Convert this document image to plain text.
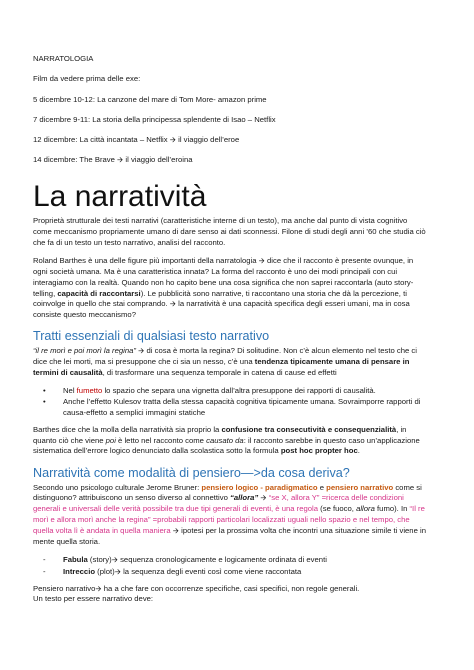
NARRATOLOGIA

Film da vedere prima delle exe:

5 dicembre 10-12: La canzone del mare di Tom More- amazon prime

7 dicembre 9-11: La storia della principessa splendente di Isao – Netflix

12 dicembre: La città incantata – Netflix 🡪 il viaggio dell’eroe

14 dicembre: The Brave 🡪 il viaggio dell’eroina

La narratività

Proprietà strutturale dei testi narrativi (caratteristiche interne di un testo), ma anche dal punto di vista cognitivo come meccanismo propriamente umano di dare senso ai dati sconnessi. Filone di studi degli anni ’60 che studia ciò che fa di un testo un testo narrativo, analisi del racconto.

Roland Barthes è una delle figure più importanti della narratologia 🡪 dice che il racconto è presente ovunque, in ogni società umana. Ma è una caratteristica innata? La forma del racconto è uno dei modi principali con cui interagiamo con la realtà. Quando non ho capito bene una cosa significa che non saprei raccontarla (auto story-telling, capacità di raccontarsi). Le pubblicità sono narrative, ti raccontano una storia che dà la percezione, ti coinvolge in quello che stai comprando. 🡪 la narratività è una capacità specifica degli esseri umani, ma in cosa consiste questo meccanismo?

Tratti essenziali di qualsiasi testo narrativo

“il re morì e poi morì la regina” 🡪 di cosa è morta la regina? Di solitudine. Non c’è alcun elemento nel testo che ci dice che lei morti, ma si presuppone che ci sia un nesso, c’è una tendenza tipicamente umana di pensare in termini di causalità, di trasformare una sequenza temporale in catena di cause ed effetti

• Nel fumetto lo spazio che separa una vignetta dall’altra presuppone dei rapporti di causalità.
• Anche l’effetto Kulesov tratta della stessa capacità cognitiva tipicamente umana. Sovraimporre rapporti di causa-effetto a semplici immagini statiche

Barthes dice che la molla della narratività sia proprio la confusione tra consecutività e consequenzialità, in quanto ciò che viene poi è letto nel racconto come causato da: il racconto sarebbe in questo caso un’applicazione sistematica dell’errore logico denunciato dalla scolastica sotto la formula post hoc propter hoc.

Narratività come modalità di pensiero—>da cosa deriva?

Secondo uno psicologo culturale Jerome Bruner: pensiero logico - paradigmatico e pensiero narrativo come si distinguono? attribuiscono un senso diverso al connettivo “allora” 🡪 “se X, allora Y” =ricerca delle condizioni generali e universali delle verità possibile tra due tipi generali di eventi, è una regola (se fuoco, allora fumo). In “Il re morì e allora morì anche la regina” =probabili rapporti particolari localizzati uguali nello spazio e nel tempo, che quella volta lì è andata in quella maniera 🡪 ipotesi per la prossima volta che incontri una situazione simile ti viene in mente quella storia.

- Fabula (story)🡪 sequenza cronologicamente e logicamente ordinata di eventi
- Intreccio (plot)🡪 la sequenza degli eventi così come viene raccontata

Pensiero narrativo🡪 ha a che fare con occorrenze specifiche, casi specifici, non regole generali.
Un testo per essere narrativo deve:
